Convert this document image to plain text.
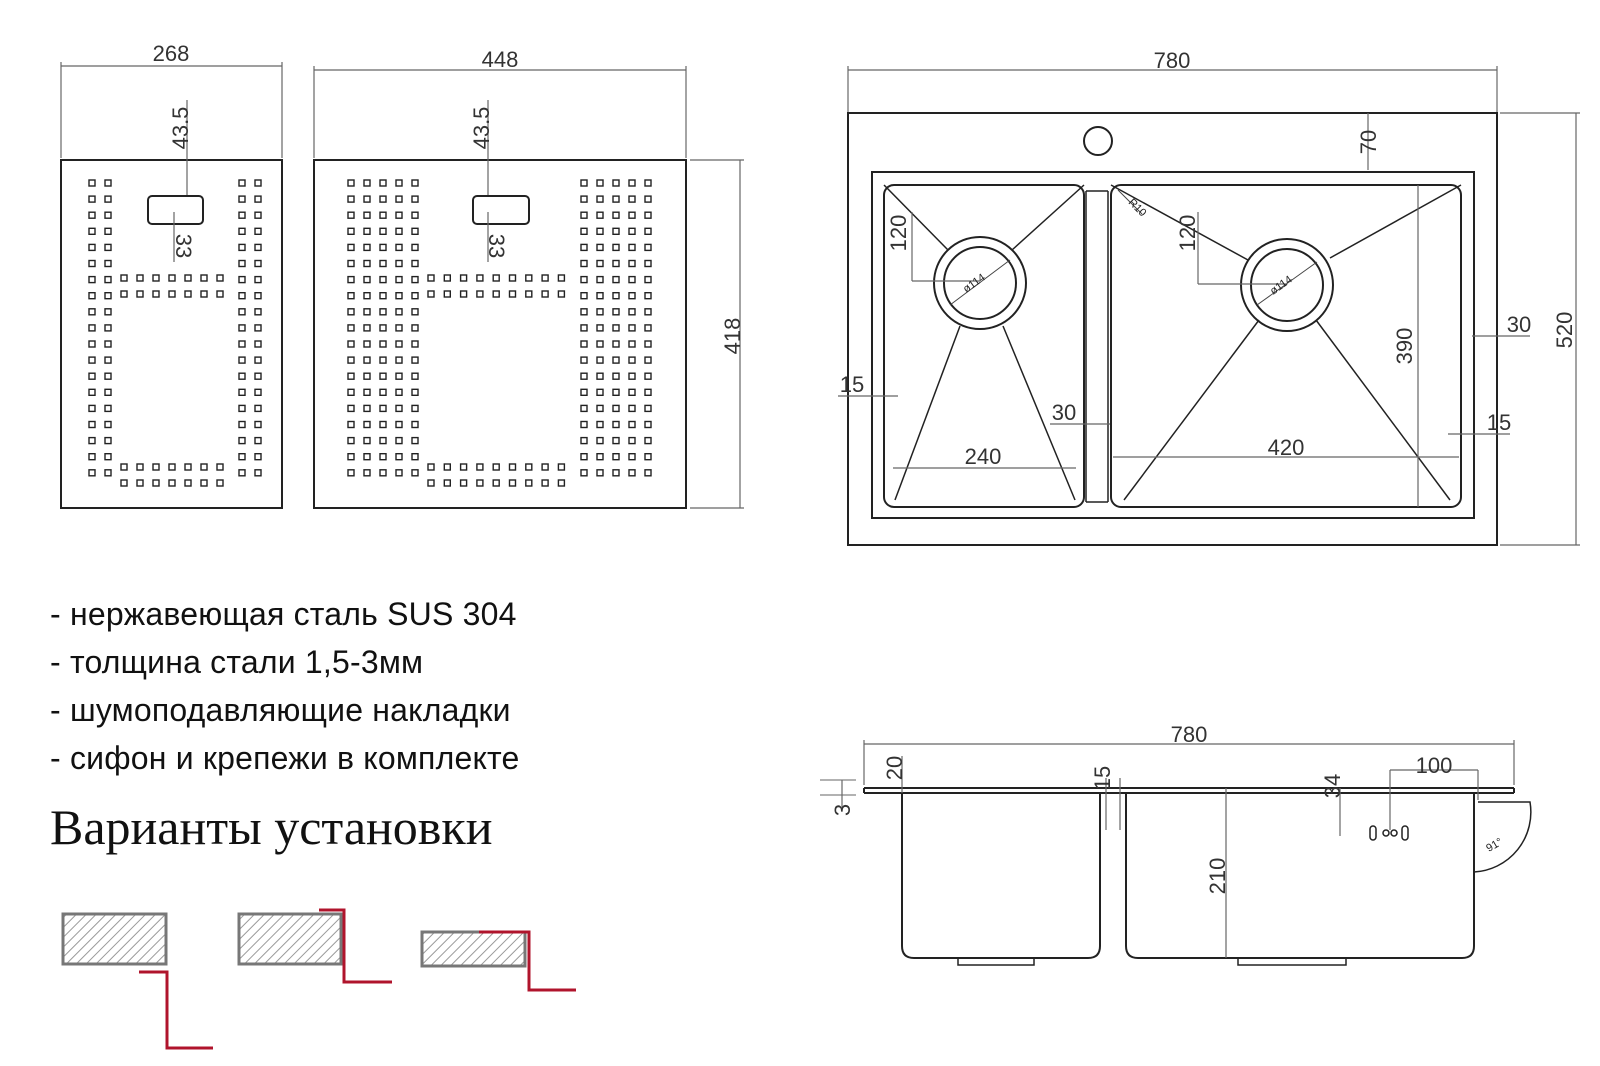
268
43.5
33
448
43.5
33
418
780
70
520
120
ø114
240
15
30
R10
120
ø114
420
390
30
15
780
3
20	15
210
34
100
91°
- нержавеющая сталь SUS 304
- толщина стали 1,5-3мм
- шумоподавляющие накладки
- сифон и крепежи в комплекте
Варианты установки
